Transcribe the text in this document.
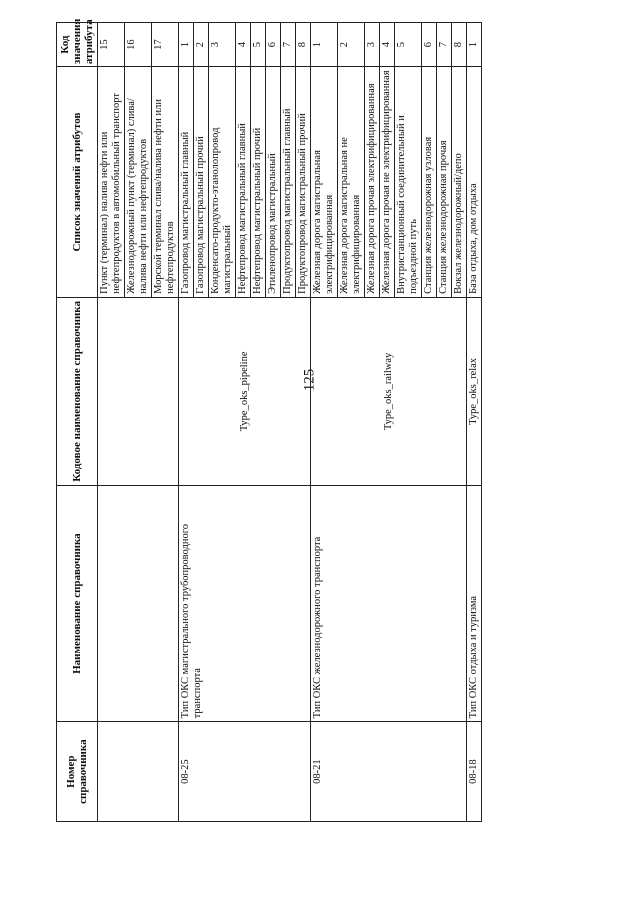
125
Номер справочника	Наименование справочника	Кодовое наименование справочника	Список значений атрибутов	Код значения атрибута
			Пункт (терминал) налива нефти или нефтепродуктов в автомобильный транспорт	15
			Железнодорожный пункт (терминал) слива/налива нефти или нефтепродуктов	16
			Морской терминал слива/налива нефти или нефтепродуктов	17
08-25	Тип ОКС магистрального трубопроводного транспорта	Type_oks_pipeline	Газопровод магистральный главный	1
			Газопровод магистральный прочий	2
			Конденсато-продукто-этанолопровод магистральный	3
			Нефтепровод магистральный главный	4
			Нефтепровод магистральный прочий	5
			Этиленопровод магистральный	6
			Продуктопровод магистральный главный	7
			Продуктопровод магистральный прочий	8
08-21	Тип ОКС железнодорожного транспорта	Type_oks_railway	Железная дорога магистральная электрифицированная	1
			Железная дорога магистральная не электрифицированная	2
			Железная дорога прочая электрифицированная	3
			Железная дорога прочая не электрифицированная	4
			Внутристанционный соединительный и подъездной путь	5
			Станция железнодорожная узловая	6
			Станция железнодорожная прочая	7
			Вокзал железнодорожный/депо	8
08-18	Тип ОКС отдыха и туризма	Type_oks_relax	База отдыха, дом отдыха	1
